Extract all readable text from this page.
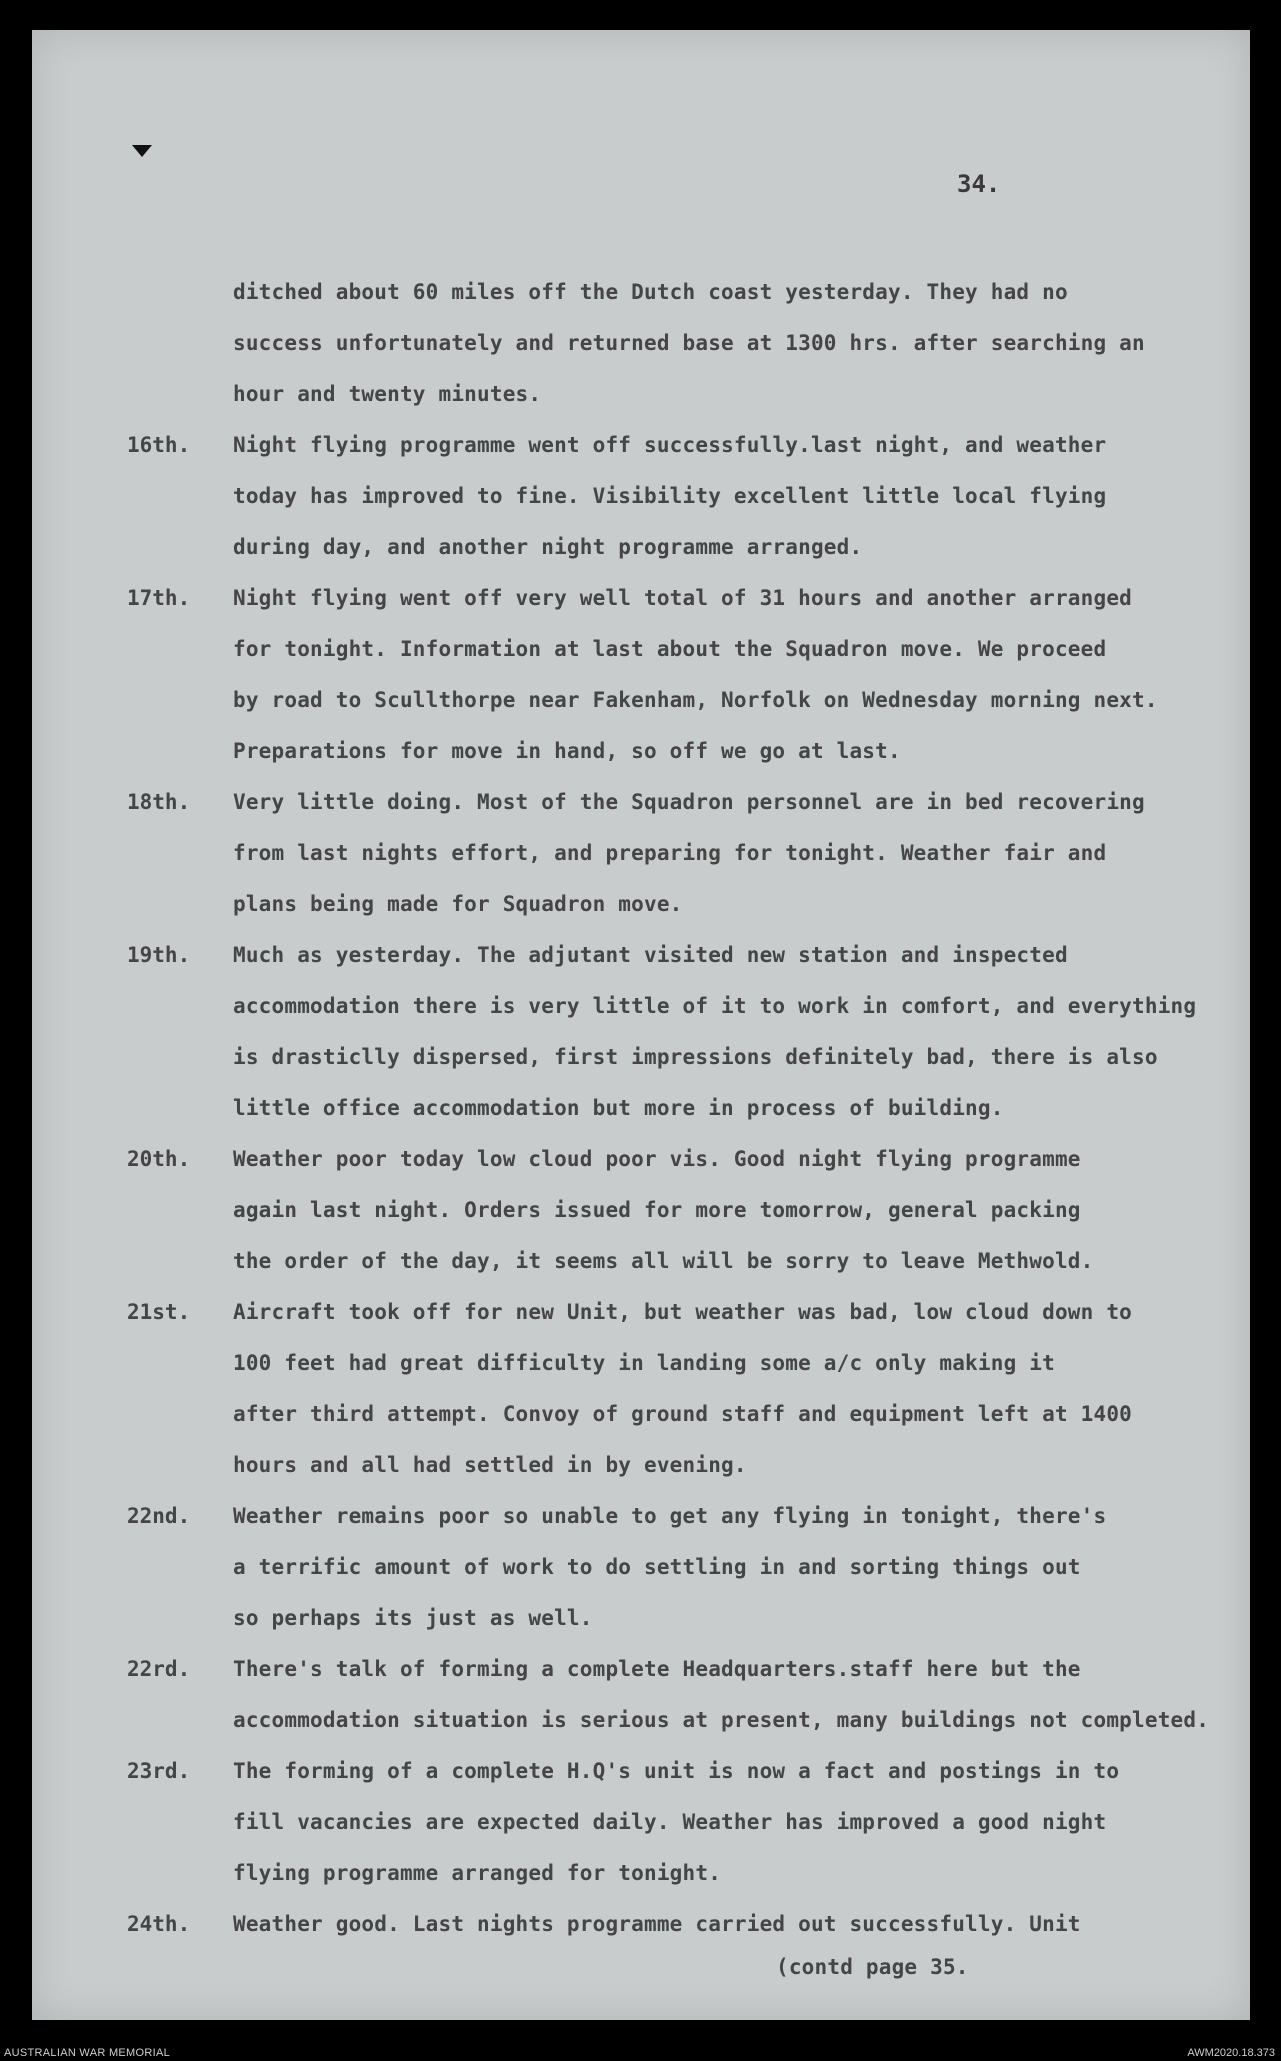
34.
ditched about 60 miles off the Dutch coast yesterday. They had no
success unfortunately and returned base at 1300 hrs. after searching an
hour and twenty minutes.
16th. Night flying programme went off successfully.last night, and weather
today has improved to fine. Visibility excellent little local flying
during day, and another night programme arranged.
17th. Night flying went off very well total of 31 hours and another arranged
for tonight. Information at last about the Squadron move. We proceed
by road to Scullthorpe near Fakenham, Norfolk on Wednesday morning next.
Preparations for move in hand, so off we go at last.
18th. Very little doing. Most of the Squadron personnel are in bed recovering
from last nights effort, and preparing for tonight. Weather fair and
plans being made for Squadron move.
19th. Much as yesterday. The adjutant visited new station and inspected
accommodation there is very little of it to work in comfort, and everything
is drasticlly dispersed, first impressions definitely bad, there is also
little office accommodation but more in process of building.
20th. Weather poor today low cloud poor vis. Good night flying programme
again last night. Orders issued for more tomorrow, general packing
the order of the day, it seems all will be sorry to leave Methwold.
21st. Aircraft took off for new Unit, but weather was bad, low cloud down to
100 feet had great difficulty in landing some a/c only making it
after third attempt. Convoy of ground staff and equipment left at 1400
hours and all had settled in by evening.
22nd. Weather remains poor so unable to get any flying in tonight, there's
a terrific amount of work to do settling in and sorting things out
so perhaps its just as well.
22rd. There's talk of forming a complete Headquarters.staff here but the
accommodation situation is serious at present, many buildings not completed.
23rd. The forming of a complete H.Q's unit is now a fact and postings in to
fill vacancies are expected daily. Weather has improved a good night
flying programme arranged for tonight.
24th. Weather good. Last nights programme carried out successfully. Unit
(contd page 35.
AUSTRALIAN WAR MEMORIAL	AWM2020.18.373
